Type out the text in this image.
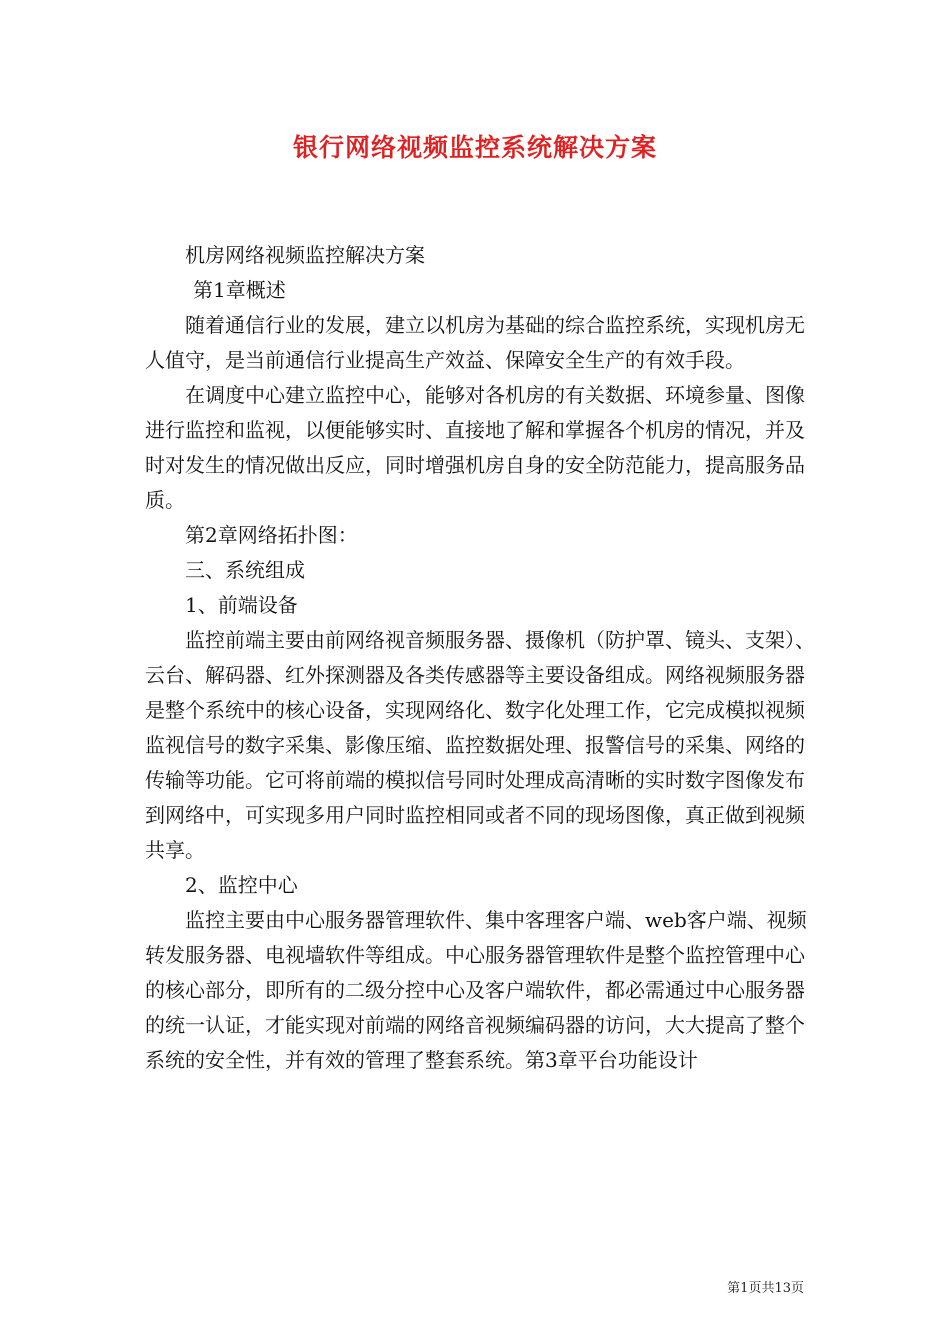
银行网络视频监控系统解决方案

机房网络视频监控解决方案

第1章概述

随着通信行业的发展，建立以机房为基础的综合监控系统，实现机房无人值守，是当前通信行业提高生产效益、保障安全生产的有效手段。

在调度中心建立监控中心，能够对各机房的有关数据、环境参量、图像进行监控和监视，以便能够实时、直接地了解和掌握各个机房的情况，并及时对发生的情况做出反应，同时增强机房自身的安全防范能力，提高服务品质。

第2章网络拓扑图：

三、系统组成

1、前端设备

监控前端主要由前网络视音频服务器、摄像机（防护罩、镜头、支架）、云台、解码器、红外探测器及各类传感器等主要设备组成。网络视频服务器是整个系统中的核心设备，实现网络化、数字化处理工作，它完成模拟视频监视信号的数字采集、影像压缩、监控数据处理、报警信号的采集、网络的传输等功能。它可将前端的模拟信号同时处理成高清晰的实时数字图像发布到网络中，可实现多用户同时监控相同或者不同的现场图像，真正做到视频共享。

2、监控中心

监控主要由中心服务器管理软件、集中客理客户端、web客户端、视频转发服务器、电视墙软件等组成。中心服务器管理软件是整个监控管理中心的核心部分，即所有的二级分控中心及客户端软件，都必需通过中心服务器的统一认证，才能实现对前端的网络音视频编码器的访问，大大提高了整个系统的安全性，并有效的管理了整套系统。第3章平台功能设计

第1页共13页
